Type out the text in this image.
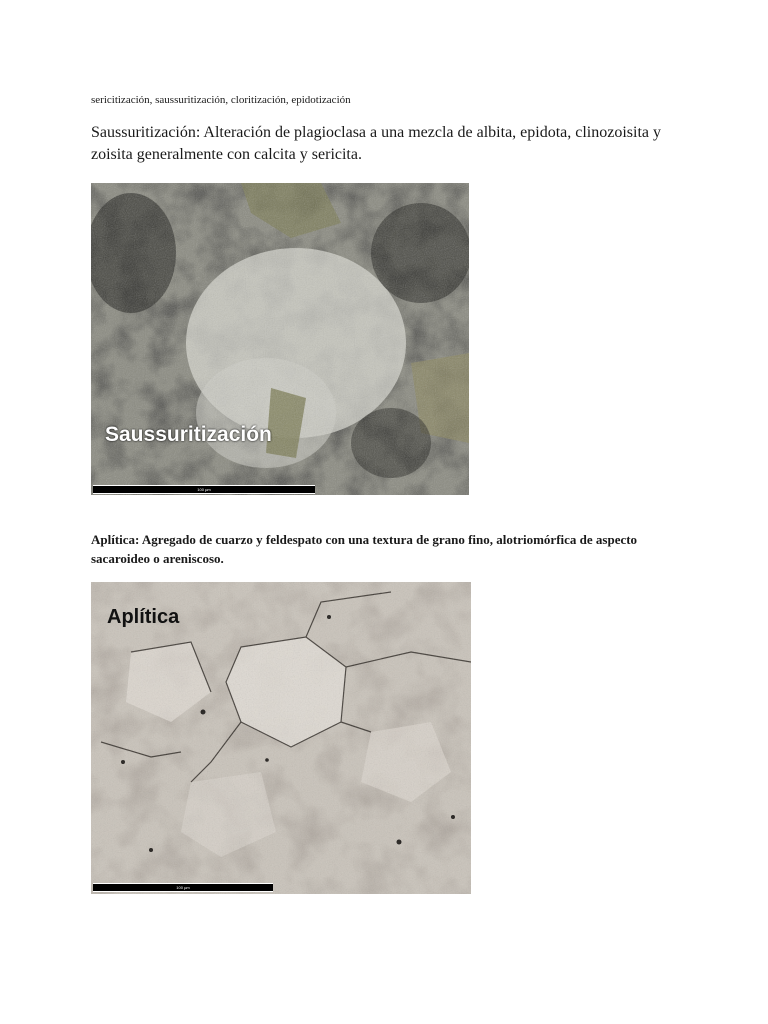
sericitización, saussuritización, cloritización, epidotización
Saussuritización: Alteración de plagioclasa a una mezcla de albita, epidota, clinozoisita y zoisita generalmente con calcita y sericita.
Saussuritización
100 µm
Aplítica: Agregado de cuarzo y feldespato con una textura de grano fino, alotriomórfica de aspecto sacaroideo o areniscoso.
Aplítica
100 µm
